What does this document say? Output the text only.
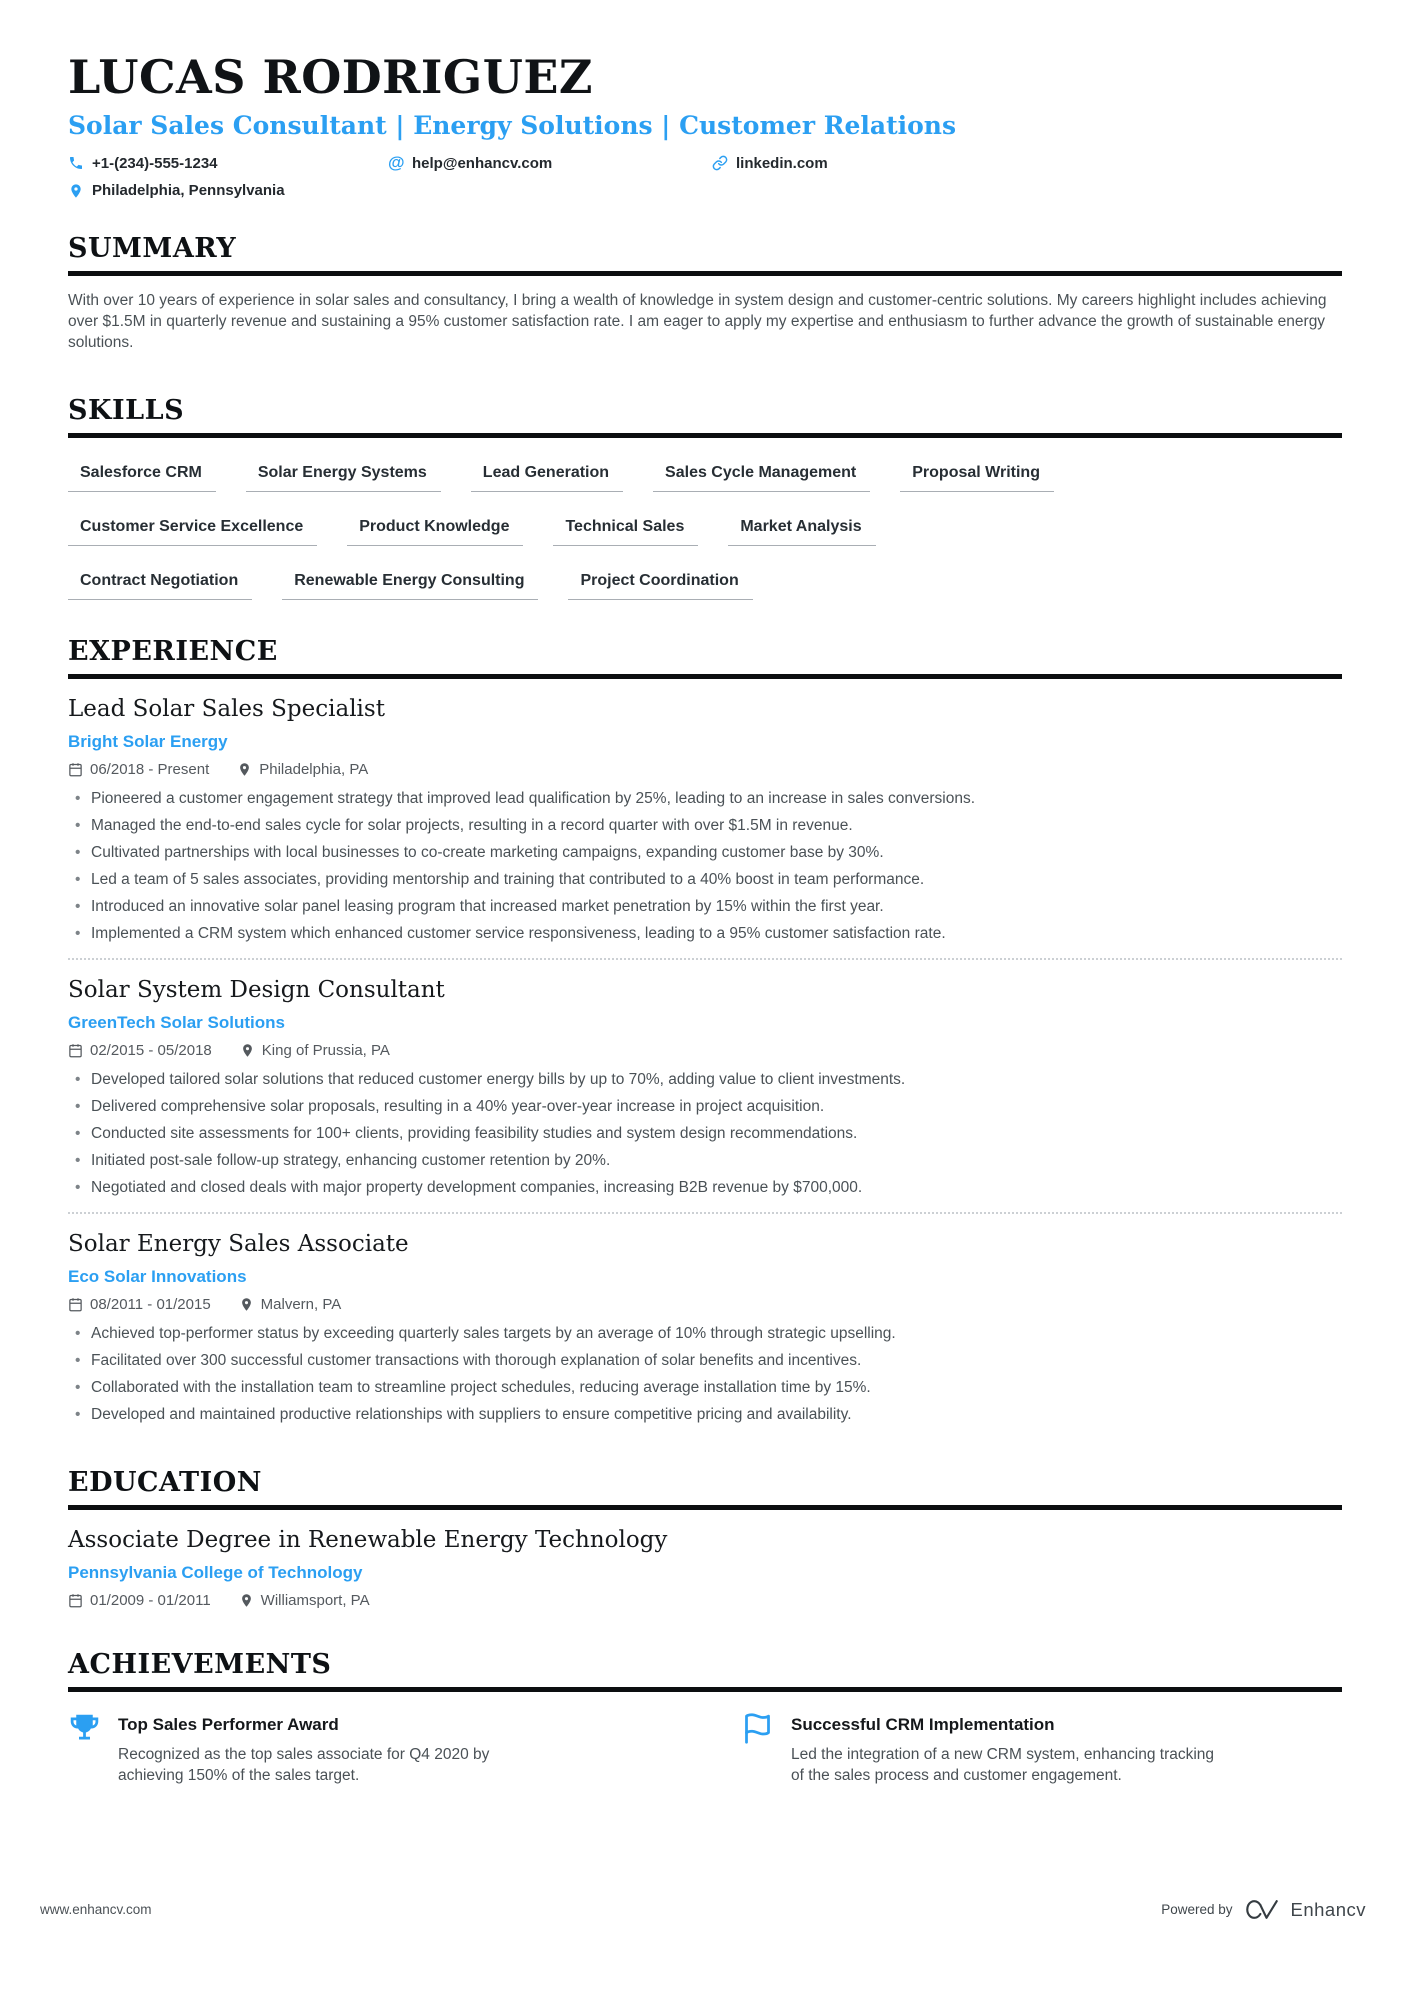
LUCAS RODRIGUEZ
Solar Sales Consultant | Energy Solutions | Customer Relations
+1-(234)-555-1234	@ help@enhancv.com	linkedin.com
Philadelphia, Pennsylvania
SUMMARY

With over 10 years of experience in solar sales and consultancy, I bring a wealth of knowledge in system design and customer-centric solutions. My careers highlight includes achieving over $1.5M in quarterly revenue and sustaining a 95% customer satisfaction rate. I am eager to apply my expertise and enthusiasm to further advance the growth of sustainable energy solutions.

SKILLS
Salesforce CRM	Solar Energy Systems	Lead Generation	Sales Cycle Management	Proposal Writing
Customer Service Excellence	Product Knowledge	Technical Sales	Market Analysis
Contract Negotiation	Renewable Energy Consulting	Project Coordination
EXPERIENCE
Lead Solar Sales Specialist
Bright Solar Energy
06/2018 - Present	Philadelphia, PA
• Pioneered a customer engagement strategy that improved lead qualification by 25%, leading to an increase in sales conversions.
• Managed the end-to-end sales cycle for solar projects, resulting in a record quarter with over $1.5M in revenue.
• Cultivated partnerships with local businesses to co-create marketing campaigns, expanding customer base by 30%.
• Led a team of 5 sales associates, providing mentorship and training that contributed to a 40% boost in team performance.
• Introduced an innovative solar panel leasing program that increased market penetration by 15% within the first year.
• Implemented a CRM system which enhanced customer service responsiveness, leading to a 95% customer satisfaction rate.
Solar System Design Consultant
GreenTech Solar Solutions
02/2015 - 05/2018	King of Prussia, PA
• Developed tailored solar solutions that reduced customer energy bills by up to 70%, adding value to client investments.
• Delivered comprehensive solar proposals, resulting in a 40% year-over-year increase in project acquisition.
• Conducted site assessments for 100+ clients, providing feasibility studies and system design recommendations.
• Initiated post-sale follow-up strategy, enhancing customer retention by 20%.
• Negotiated and closed deals with major property development companies, increasing B2B revenue by $700,000.
Solar Energy Sales Associate
Eco Solar Innovations
08/2011 - 01/2015	Malvern, PA
• Achieved top-performer status by exceeding quarterly sales targets by an average of 10% through strategic upselling.
• Facilitated over 300 successful customer transactions with thorough explanation of solar benefits and incentives.
• Collaborated with the installation team to streamline project schedules, reducing average installation time by 15%.
• Developed and maintained productive relationships with suppliers to ensure competitive pricing and availability.
EDUCATION
Associate Degree in Renewable Energy Technology
Pennsylvania College of Technology
01/2009 - 01/2011	Williamsport, PA
ACHIEVEMENTS
Top Sales Performer Award
Recognized as the top sales associate for Q4 2020 by achieving 150% of the sales target.
Successful CRM Implementation
Led the integration of a new CRM system, enhancing tracking of the sales process and customer engagement.
www.enhancv.com	Powered by	Enhancv
